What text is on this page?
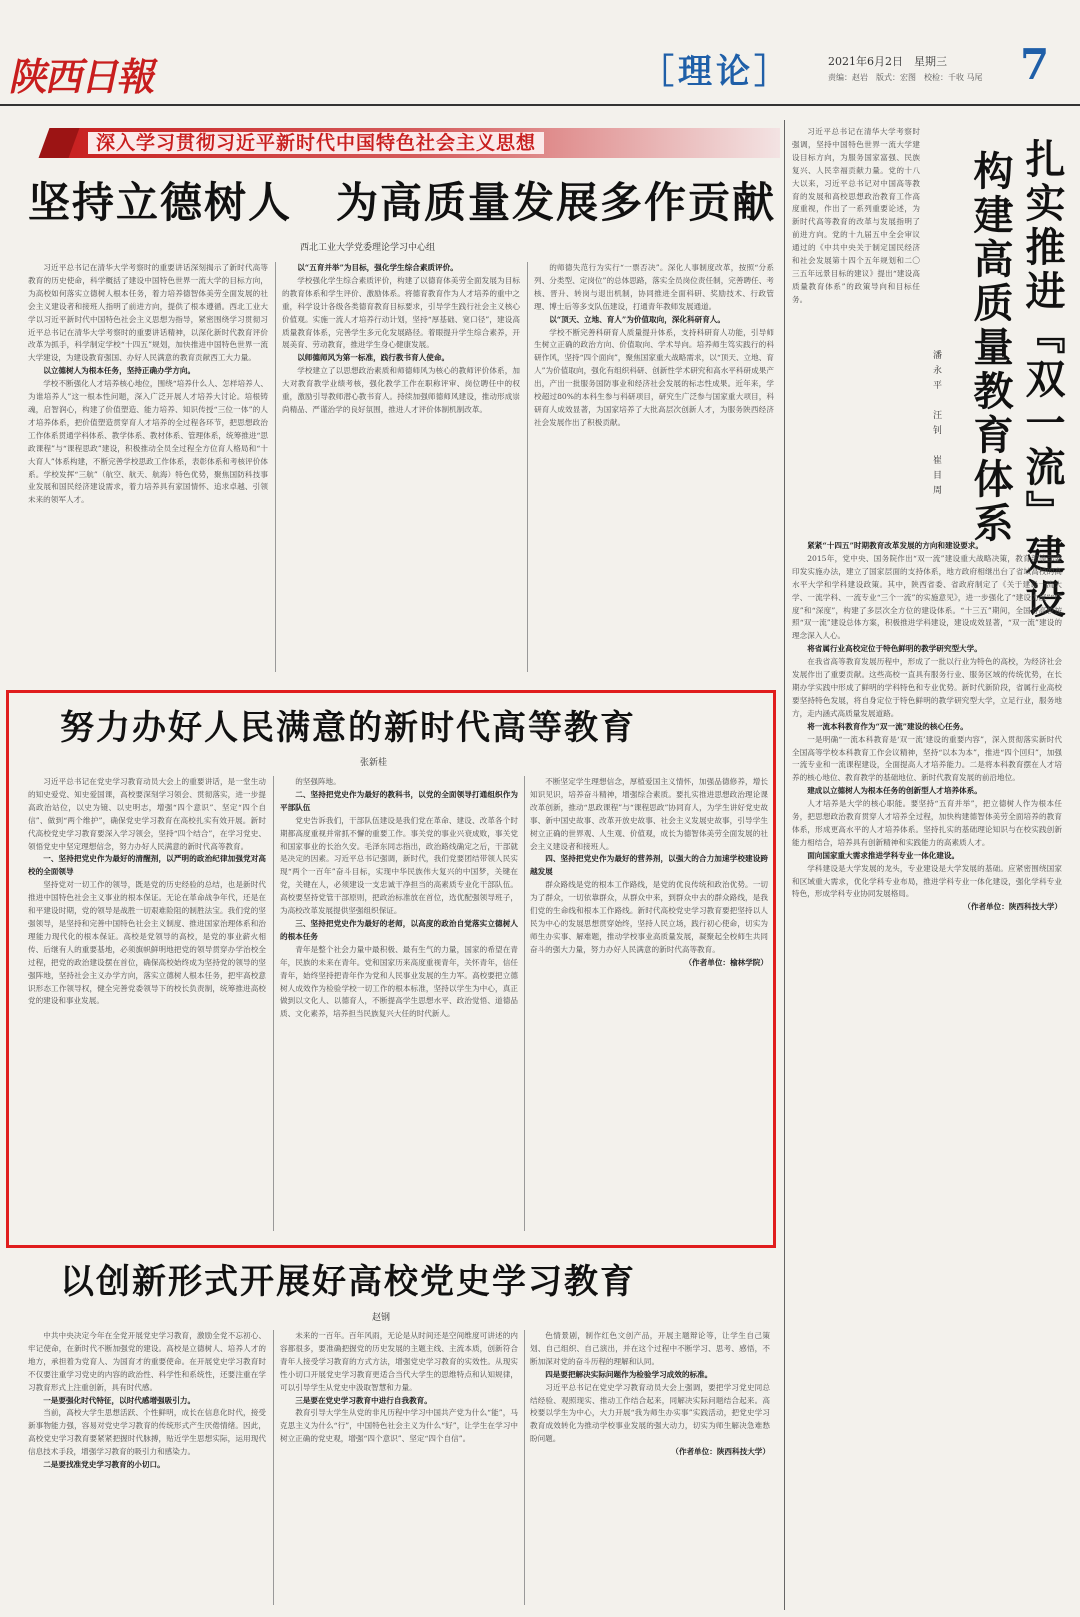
陕西日報	［理论］	2021年6月2日　星期三
责编：赵岩　版式：宏图　校检：千收 马尾 7
深入学习贯彻习近平新时代中国特色社会主义思想
坚持立德树人　为高质量发展多作贡献
西北工业大学党委理论学习中心组

习近平总书记在清华大学考察时的重要讲话深刻揭示了新时代高等教育的历史使命，科学概括了建设中国特色世界一流大学的目标方向，为高校如何落实立德树人根本任务，着力培养德智体美劳全面发展的社会主义建设者和接班人指明了前进方向，提供了根本遵循。西北工业大学以习近平新时代中国特色社会主义思想为指导，紧密围绕学习贯彻习近平总书记在清华大学考察时的重要讲话精神，以深化新时代教育评价改革为抓手，科学制定学校“十四五”规划，加快推进中国特色世界一流大学建设，为建设教育强国、办好人民满意的教育贡献西工大力量。

以立德树人为根本任务，坚持正确办学方向。

学校不断强化人才培养核心地位，围绕“培养什么人、怎样培养人、为谁培养人”这一根本性问题，深入广泛开展人才培养大讨论。培根铸魂，启智润心，构建了价值塑造、能力培养、知识传授“三位一体”的人才培养体系，把价值塑造贯穿育人才培养的全过程各环节，把思想政治工作体系贯通学科体系、教学体系、教材体系、管理体系，统筹推进“思政课程”与“课程思政”建设，积极推动全员全过程全方位育人格局和“十大育人”体系构建，不断完善学校思政工作体系，表彰体系和考核评价体系。学校发挥“三航”（航空、航天、航海）特色优势，聚焦国防科技事业发展和国民经济建设需求，着力培养具有家国情怀、追求卓越、引领未来的领军人才。

以“五育并举”为目标，强化学生综合素质评价。

学校强化学生综合素质评价，构建了以德育体美劳全面发展为目标的教育体系和学生评价、激励体系。将德育教育作为人才培养的重中之重，科学设计各级各类德育教育目标要求，引导学生践行社会主义核心价值观。实施一流人才培养行动计划，坚持“厚基础、宽口径”，建设高质量教育体系，完善学生多元化发展路径。着眼提升学生综合素养，开展美育、劳动教育，推进学生身心健康发展。

以师德师风为第一标准，践行教书育人使命。

学校建立了以思想政治素质和师德师风为核心的教师评价体系，加大对教育教学业绩考核，强化教学工作在职称评审、岗位聘任中的权重，激励引导教师潜心教书育人。持续加强师德师风建设，推动形成崇尚精品、严谨治学的良好氛围，推进人才评价体制机制改革。

的师德失范行为实行“一票否决”。深化人事制度改革，按照“分系列、分类型、定岗位”的总体思路，落实全员岗位责任制，完善聘任、考核、晋升、转岗与退出机制，协同推进全面科研、奖励技术、行政管理、博士后等多支队伍建设，打通青年教师发展通道。

以“顶天、立地、育人”为价值取向，深化科研育人。

学校不断完善科研育人质量提升体系，支持科研育人功能，引导师生树立正确的政治方向、价值取向、学术导向。培养师生笃实践行的科研作风，坚持“四个面向”，聚焦国家重大战略需求，以“顶天、立地、育人”为价值取向，强化有组织科研、创新性学术研究和高水平科研成果产出，产出一批服务国防事业和经济社会发展的标志性成果。近年来，学校超过80%的本科生参与科研项目，研究生广泛参与国家重大项目，科研育人成效显著，为国家培养了大批高层次创新人才，为服务陕西经济社会发展作出了积极贡献。

努力办好人民满意的新时代高等教育
张新桂

习近平总书记在党史学习教育动员大会上的重要讲话，是一堂生动的知史爱党、知史爱国课，高校要深刻学习领会、贯彻落实，进一步提高政治站位，以史为镜、以史明志，增强“四个意识”、坚定“四个自信”、做到“两个维护”，确保党史学习教育在高校扎实有效开展。新时代高校党史学习教育要深入学习领会，坚持“四个结合”，在学习党史、领悟党史中坚定理想信念，努力办好人民满意的新时代高等教育。

一、坚持把党史作为最好的清醒剂，以严明的政治纪律加强党对高校的全面领导

坚持党对一切工作的领导，既是党的历史经验的总结，也是新时代推进中国特色社会主义事业的根本保证。无论在革命战争年代，还是在和平建设时期，党的领导是战胜一切艰难险阻的制胜法宝。我们党的坚强领导，是坚持和完善中国特色社会主义制度、推进国家治理体系和治理能力现代化的根本保证。高校是党领导的高校，是党的事业薪火相传、后继有人的重要基地，必须旗帜鲜明地把党的领导贯穿办学治校全过程，把党的政治建设摆在首位，确保高校始终成为坚持党的领导的坚强阵地，坚持社会主义办学方向，落实立德树人根本任务，把牢高校意识形态工作领导权，健全完善党委领导下的校长负责制，统筹推进高校党的建设和事业发展。

的坚强阵地。

二、坚持把党史作为最好的教科书，以党的全面领导打通组织作为平部队伍

党史告诉我们，干部队伍建设是我们党在革命、建设、改革各个时期都高度重视并常抓不懈的重要工作。事关党的事业兴衰成败，事关党和国家事业的长治久安。毛泽东同志指出，政治路线确定之后，干部就是决定的因素。习近平总书记强调，新时代，我们党要团结带领人民实现“两个一百年”奋斗目标，实现中华民族伟大复兴的中国梦，关键在党，关键在人，必须建设一支忠诚干净担当的高素质专业化干部队伍。高校要坚持党管干部原则，把政治标准放在首位，选优配强领导班子，为高校改革发展提供坚强组织保证。

三、坚持把党史作为最好的老师，以高度的政治自觉落实立德树人的根本任务

青年是整个社会力量中最积极、最有生气的力量，国家的希望在青年，民族的未来在青年。党和国家历来高度重视青年，关怀青年，信任青年，始终坚持把青年作为党和人民事业发展的生力军。高校要把立德树人成效作为检验学校一切工作的根本标准，坚持以学生为中心，真正做到以文化人、以德育人，不断提高学生思想水平、政治觉悟、道德品质、文化素养，培养担当民族复兴大任的时代新人。

不断坚定学生理想信念，厚植爱国主义情怀，加强品德修养，增长知识见识，培养奋斗精神，增强综合素质。要扎实推进思想政治理论课改革创新，推动“思政课程”与“课程思政”协同育人，为学生讲好党史故事、新中国史故事、改革开放史故事、社会主义发展史故事，引导学生树立正确的世界观、人生观、价值观，成长为德智体美劳全面发展的社会主义建设者和接班人。

四、坚持把党史作为最好的营养剂，以强大的合力加速学校建设跨越发展

群众路线是党的根本工作路线，是党的优良传统和政治优势。一切为了群众，一切依靠群众，从群众中来，到群众中去的群众路线，是我们党的生命线和根本工作路线。新时代高校党史学习教育要把坚持以人民为中心的发展思想贯穿始终，坚持人民立场，践行初心使命，切实为师生办实事、解难题，推动学校事业高质量发展，凝聚起全校师生共同奋斗的强大力量，努力办好人民满意的新时代高等教育。

（作者单位：榆林学院）

以创新形式开展好高校党史学习教育
赵钢

中共中央决定今年在全党开展党史学习教育，激励全党不忘初心、牢记使命，在新时代不断加强党的建设。高校是立德树人、培养人才的地方，承担着为党育人、为国育才的重要使命。在开展党史学习教育时不仅要注重学习党史的内容的政治性、科学性和系统性，还要注重在学习教育形式上注重创新，具有时代感。

一是要强化时代特征，以时代感增强吸引力。

当前，高校大学生思想活跃、个性鲜明，成长在信息化时代，接受新事物能力强，容易对党史学习教育的传统形式产生厌倦情绪。因此，高校党史学习教育要紧紧把握时代脉搏，贴近学生思想实际，运用现代信息技术手段，增强学习教育的吸引力和感染力。

二是要找准党史学习教育的小切口。

未来的一百年。百年风雨，无论是从时间还是空间维度可讲述的内容都很多，要准确把握党的历史发展的主题主线、主流本质，创新符合青年人接受学习教育的方式方法，增强党史学习教育的实效性。从现实性小切口开展党史学习教育更适合当代大学生的思维特点和认知规律，可以引导学生从党史中汲取智慧和力量。

三是要在党史学习教育中进行自我教育。

教育引导大学生从党的非凡历程中学习中国共产党为什么“能”，马克思主义为什么“行”，中国特色社会主义为什么“好”，让学生在学习中树立正确的党史观，增强“四个意识”、坚定“四个自信”。

色情景剧，制作红色文创产品，开展主题辩论等，让学生自己策划、自己组织、自己演出，并在这个过程中不断学习、思考、感悟，不断加深对党的奋斗历程的理解和认同。

四是要把解决实际问题作为检验学习成效的标准。

习近平总书记在党史学习教育动员大会上强调，要把学习党史同总结经验、观照现实、推动工作结合起来，同解决实际问题结合起来。高校要以学生为中心，大力开展“我为师生办实事”实践活动，把党史学习教育成效转化为推动学校事业发展的强大动力，切实为师生解决急难愁盼问题。

（作者单位：陕西科技大学）

扎实推进『双一流』建设
构建高质量教育体系
潘永平　汪钊　崔目周

习近平总书记在清华大学考察时强调，坚持中国特色世界一流大学建设目标方向，为服务国家富强、民族复兴、人民幸福贡献力量。党的十八大以来，习近平总书记对中国高等教育的发展和高校思想政治教育工作高度重视，作出了一系列重要论述，为新时代高等教育的改革与发展指明了前进方向。党的十九届五中全会审议通过的《中共中央关于制定国民经济和社会发展第十四个五年规划和二〇三五年远景目标的建议》提出“建设高质量教育体系”的政策导向和目标任务。

紧紧“十四五”时期教育改革发展的方向和建设要求。

2015年，党中央、国务院作出“双一流”建设重大战略决策，教育部等部委印发实施办法，建立了国家层面的支持体系，地方政府相继出台了省域高校的高水平大学和学科建设政策。其中，陕西省委、省政府制定了《关于建设一流大学、一流学科、一流专业“三个一流”的实施意见》，进一步强化了“建设力度”“广度”和“深度”，构建了多层次全方位的建设体系。“十三五”期间，全国各高校按照“双一流”建设总体方案，积极推进学科建设，建设成效显著，“双一流”建设的理念深入人心。

将省属行业高校定位于特色鲜明的教学研究型大学。

在我省高等教育发展历程中，形成了一批以行业为特色的高校，为经济社会发展作出了重要贡献。这些高校一直具有服务行业、服务区域的传统优势，在长期办学实践中形成了鲜明的学科特色和专业优势。新时代新阶段，省属行业高校要坚持特色发展，将自身定位于特色鲜明的教学研究型大学，立足行业，服务地方，走内涵式高质量发展道路。

将一流本科教育作为“双一流”建设的核心任务。

一是明确“一流本科教育是‘双一流’建设的重要内容”，深入贯彻落实新时代全国高等学校本科教育工作会议精神，坚持“以本为本”，推进“四个回归”，加强一流专业和一流课程建设，全面提高人才培养能力。二是将本科教育摆在人才培养的核心地位、教育教学的基础地位、新时代教育发展的前沿地位。

建成以立德树人为根本任务的创新型人才培养体系。

人才培养是大学的核心职能。要坚持“五育并举”，把立德树人作为根本任务，把思想政治教育贯穿人才培养全过程，加快构建德智体美劳全面培养的教育体系，形成更高水平的人才培养体系。坚持扎实的基础理论知识与在校实践创新能力相结合，培养具有创新精神和实践能力的高素质人才。

面向国家重大需求推进学科专业一体化建设。

学科建设是大学发展的龙头，专业建设是大学发展的基础。应紧密围绕国家和区域重大需求，优化学科专业布局，推进学科专业一体化建设，强化学科专业特色，形成学科专业协同发展格局。

（作者单位：陕西科技大学）
